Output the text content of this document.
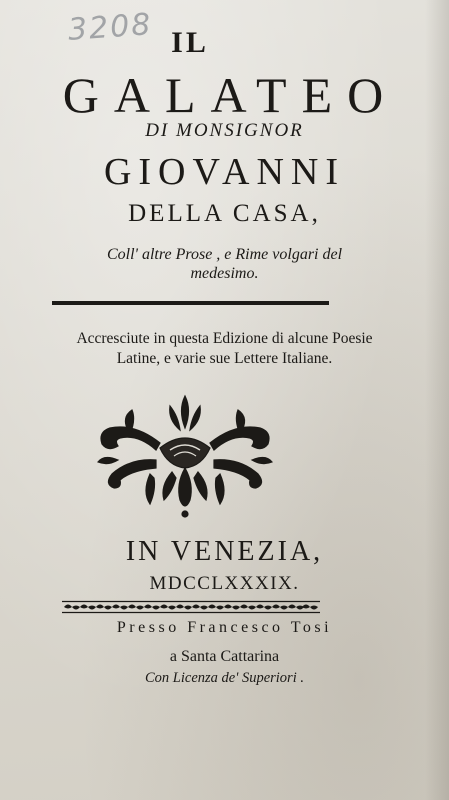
3208 IL
GALATEO
DI MONSIGNOR
GIOVANNI
DELLA CASA,
Coll' altre Prose , e Rime volgari del
medesimo.
Accresciute in questa Edizione di alcune Poesie
Latine, e varie sue Lettere Italiane.
IN VENEZIA,
MDCCLXXXIX.
Presso Francesco Tosi
a Santa Cattarina
Con Licenza de' Superiori .
